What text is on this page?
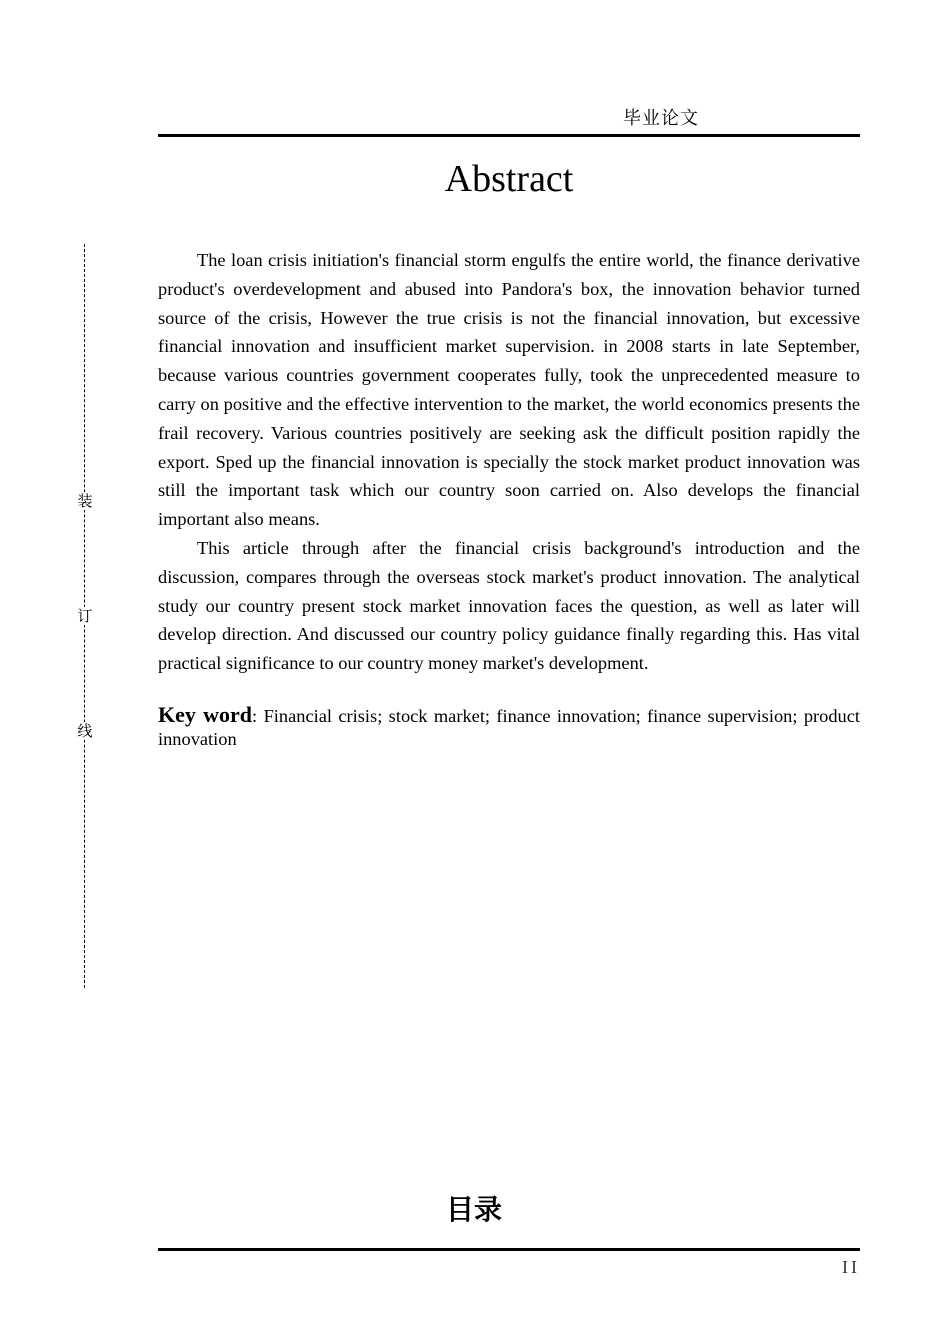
毕业论文
装
订
线
Abstract

The loan crisis initiation's financial storm engulfs the entire world, the finance derivative product's overdevelopment and abused into Pandora's box, the innovation behavior turned source of the crisis, However the true crisis is not the financial innovation, but excessive financial innovation and insufficient market supervision. in 2008 starts in late September, because various countries government cooperates fully, took the unprecedented measure to carry on positive and the effective intervention to the market, the world economics presents the frail recovery. Various countries positively are seeking ask the difficult position rapidly the export. Sped up the financial innovation is specially the stock market product innovation was still the important task which our country soon carried on. Also develops the financial important also means.

This article through after the financial crisis background's introduction and the discussion, compares through the overseas stock market's product innovation. The analytical study our country present stock market innovation faces the question, as well as later will develop direction. And discussed our country policy guidance finally regarding this. Has vital practical significance to our country money market's development.

Key word: Financial crisis; stock market; finance innovation; finance supervision; product innovation
目录
II
